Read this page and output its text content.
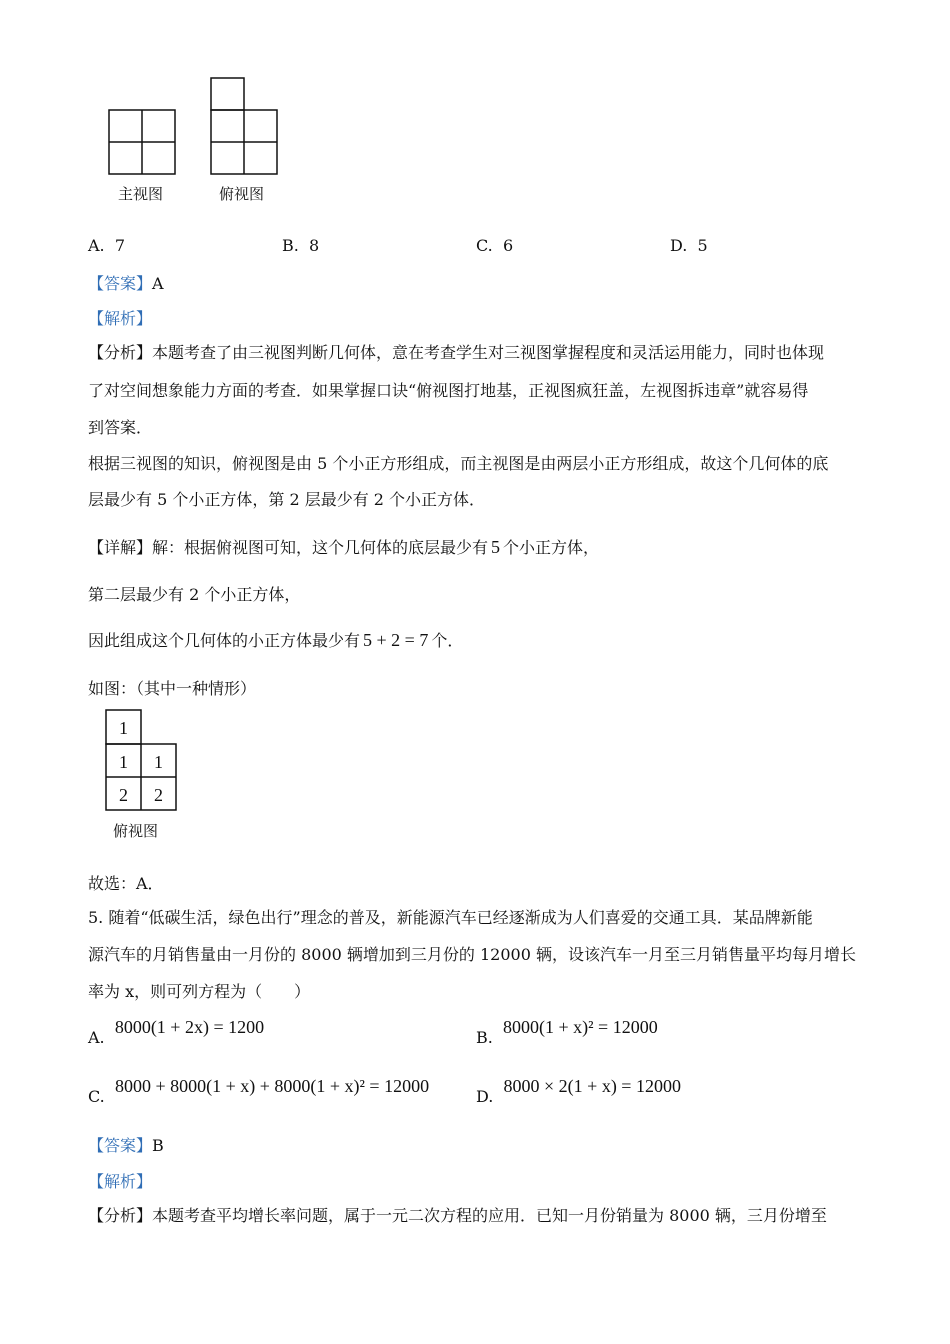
主视图	俯视图
A. 7	B. 8	C. 6	D. 5
【答案】A
【解析】
【分析】本题考查了由三视图判断几何体，意在考查学生对三视图掌握程度和灵活运用能力，同时也体现
了对空间想象能力方面的考查．如果掌握口诀“俯视图打地基，正视图疯狂盖，左视图拆违章”就容易得
到答案．
根据三视图的知识，俯视图是由 5 个小正方形组成，而主视图是由两层小正方形组成，故这个几何体的底
层最少有 5 个小正方体，第 2 层最少有 2 个小正方体．
【详解】解：根据俯视图可知，这个几何体的底层最少有 5 个小正方体，
第二层最少有 2 个小正方体，
因此组成这个几何体的小正方体最少有 5 + 2 = 7 个．
如图：（其中一种情形）
1
1 1
2 2
俯视图
故选：A．
5. 随着“低碳生活，绿色出行”理念的普及，新能源汽车已经逐渐成为人们喜爱的交通工具．某品牌新能
源汽车的月销售量由一月份的 8000 辆增加到三月份的 12000 辆，设该汽车一月至三月销售量平均每月增长
率为 x，则可列方程为（　　）
A.  8000(1 + 2x) = 1200
B.  8000(1 + x)² = 12000
C.  8000 + 8000(1 + x) + 8000(1 + x)² = 12000
D.  8000 × 2(1 + x) = 12000
【答案】B
【解析】
【分析】本题考查平均增长率问题，属于一元二次方程的应用．已知一月份销量为 8000 辆，三月份增至
